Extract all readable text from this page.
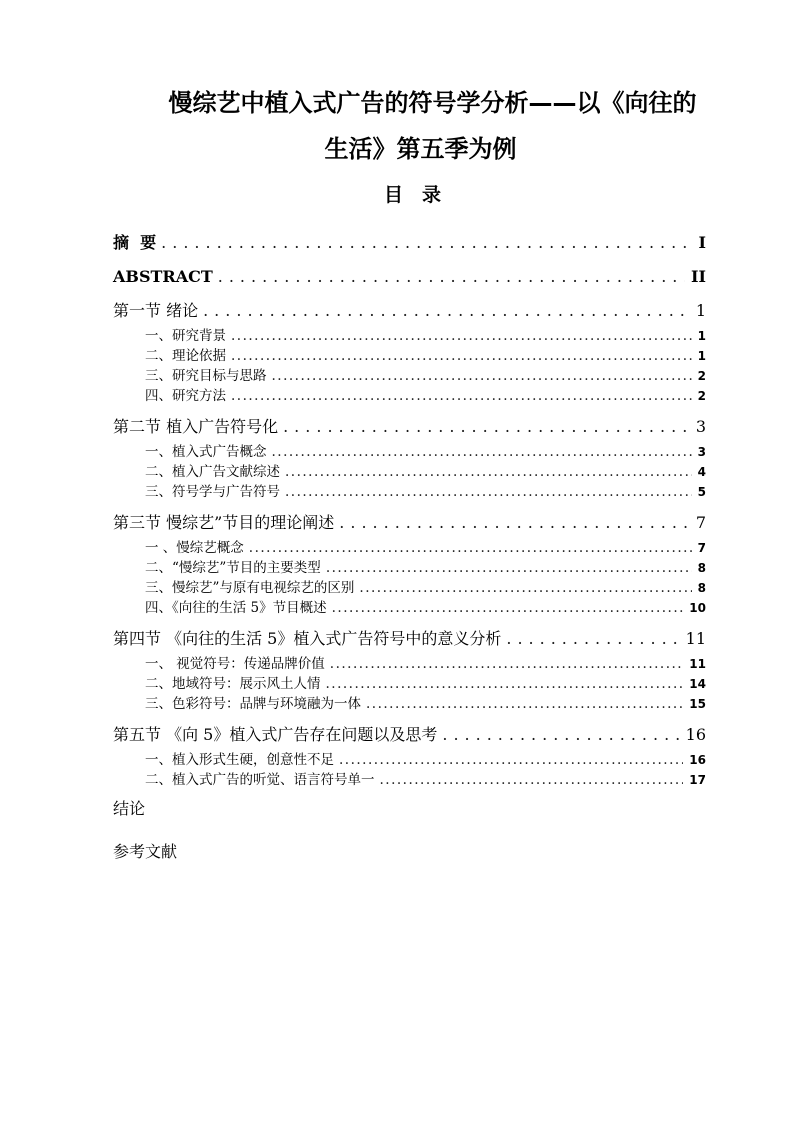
慢综艺中植入式广告的符号学分析——以《向往的
生活》第五季为例
目　录
摘  要 .....	I
ABSTRACT .....	II
第一节 绪论 .....	1
一、研究背景 .....	1
二、理论依据 .....	1
三、研究目标与思路 .....	2
四、研究方法 .....	2
第二节 植入广告符号化 .....	3
一、植入式广告概念 .....	3
二、植入广告文献综述 .....	4
三、符号学与广告符号 .....	5
第三节 慢综艺”节目的理论阐述 .....	7
一 、慢综艺概念 .....	7
二、“慢综艺”节目的主要类型 .....	8
三、慢综艺”与原有电视综艺的区别 .....	8
四、《向往的生活 5》节目概述 .....	10
第四节 《向往的生活 5》植入式广告符号中的意义分析 .....	11
一、 视觉符号：传递品牌价值 .....	11
二、地域符号：展示风土人情 .....	14
三、色彩符号：品牌与环境融为一体 .....	15
第五节 《向 5》植入式广告存在问题以及思考 .....	16
一、植入形式生硬，创意性不足 .....	16
二、植入式广告的听觉、语言符号单一 .....	17
结论
参考文献
